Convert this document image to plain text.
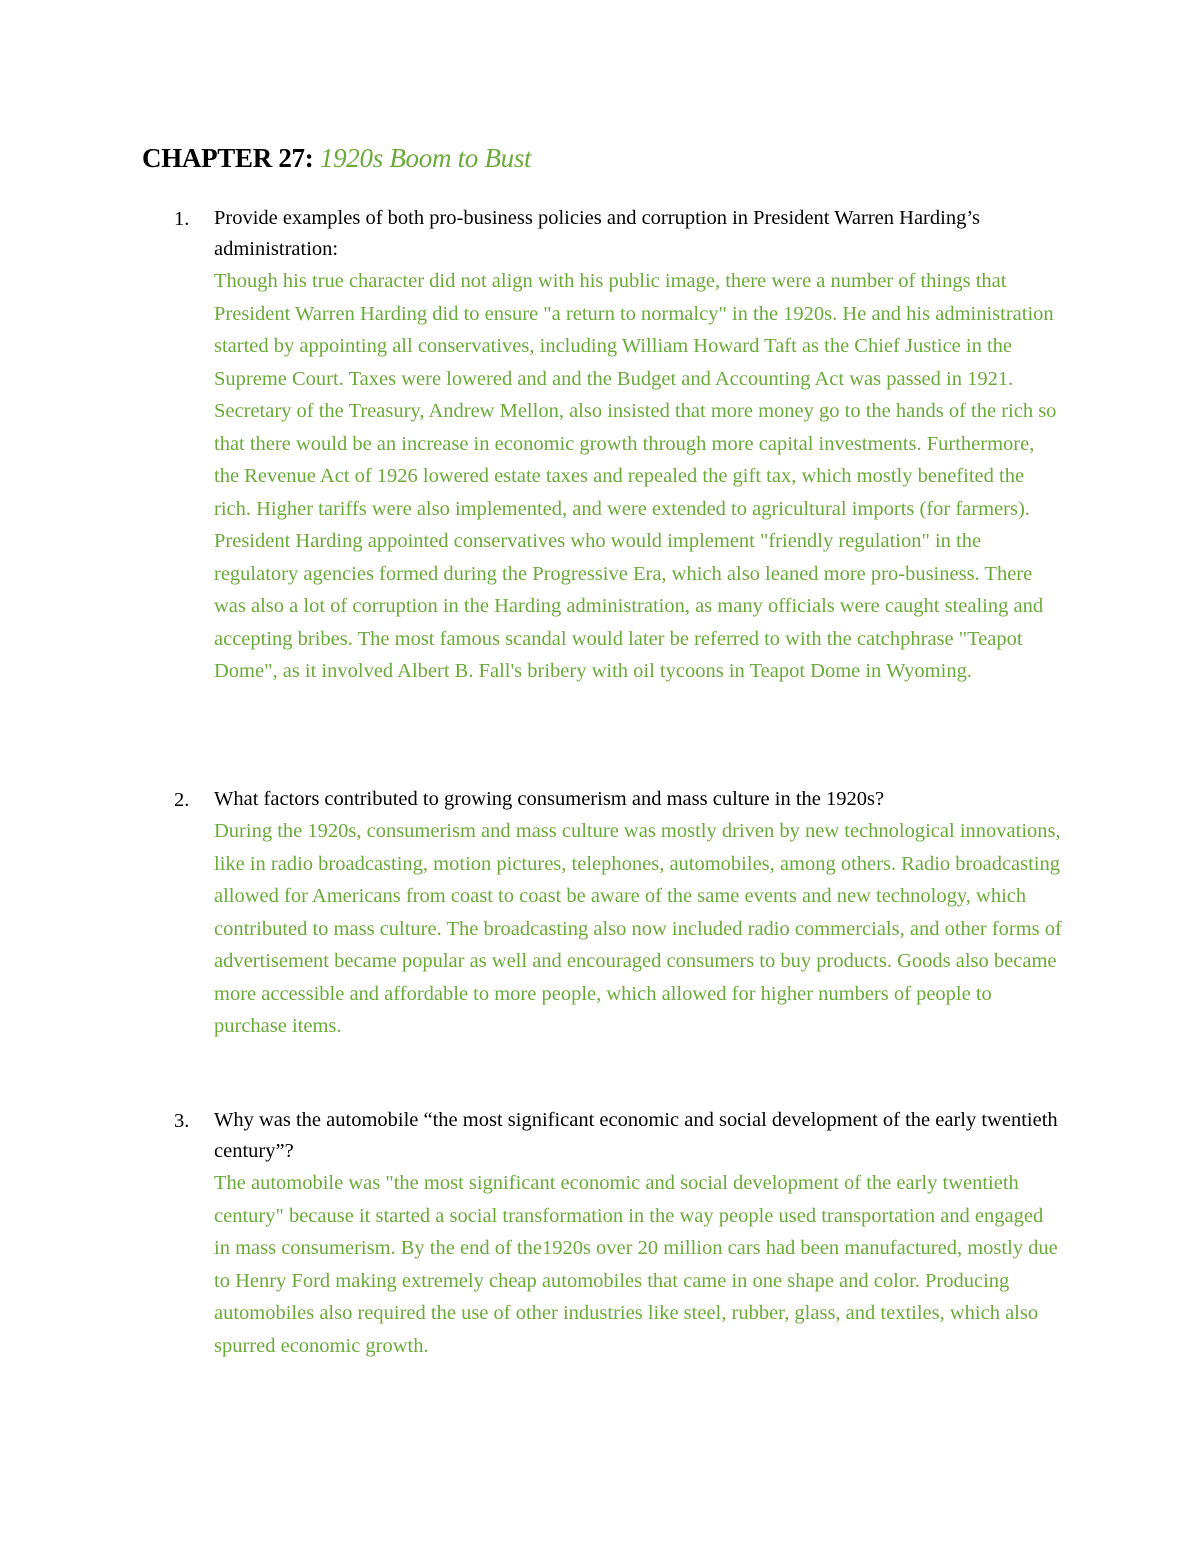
CHAPTER 27: 1920s Boom to Bust
1.	Provide examples of both pro-business policies and corruption in President Warren Harding’s administration:

Though his true character did not align with his public image, there were a number of things that President Warren Harding did to ensure "a return to normalcy" in the 1920s. He and his administration started by appointing all conservatives, including William Howard Taft as the Chief Justice in the Supreme Court. Taxes were lowered and and the Budget and Accounting Act was passed in 1921. Secretary of the Treasury, Andrew Mellon, also insisted that more money go to the hands of the rich so that there would be an increase in economic growth through more capital investments. Furthermore, the Revenue Act of 1926 lowered estate taxes and repealed the gift tax, which mostly benefited the rich. Higher tariffs were also implemented, and were extended to agricultural imports (for farmers). President Harding appointed conservatives who would implement "friendly regulation" in the regulatory agencies formed during the Progressive Era, which also leaned more pro-business. There was also a lot of corruption in the Harding administration, as many officials were caught stealing and accepting bribes. The most famous scandal would later be referred to with the catchphrase "Teapot Dome", as it involved Albert B. Fall's bribery with oil tycoons in Teapot Dome in Wyoming.

2.	What factors contributed to growing consumerism and mass culture in the 1920s?

During the 1920s, consumerism and mass culture was mostly driven by new technological innovations, like in radio broadcasting, motion pictures, telephones, automobiles, among others. Radio broadcasting allowed for Americans from coast to coast be aware of the same events and new technology, which contributed to mass culture. The broadcasting also now included radio commercials, and other forms of advertisement became popular as well and encouraged consumers to buy products. Goods also became more accessible and affordable to more people, which allowed for higher numbers of people to purchase items.

3.	Why was the automobile “the most significant economic and social development of the early twentieth century”?

The automobile was "the most significant economic and social development of the early twentieth century" because it started a social transformation in the way people used transportation and engaged in mass consumerism. By the end of the1920s over 20 million cars had been manufactured, mostly due to Henry Ford making extremely cheap automobiles that came in one shape and color. Producing automobiles also required the use of other industries like steel, rubber, glass, and textiles, which also spurred economic growth.
